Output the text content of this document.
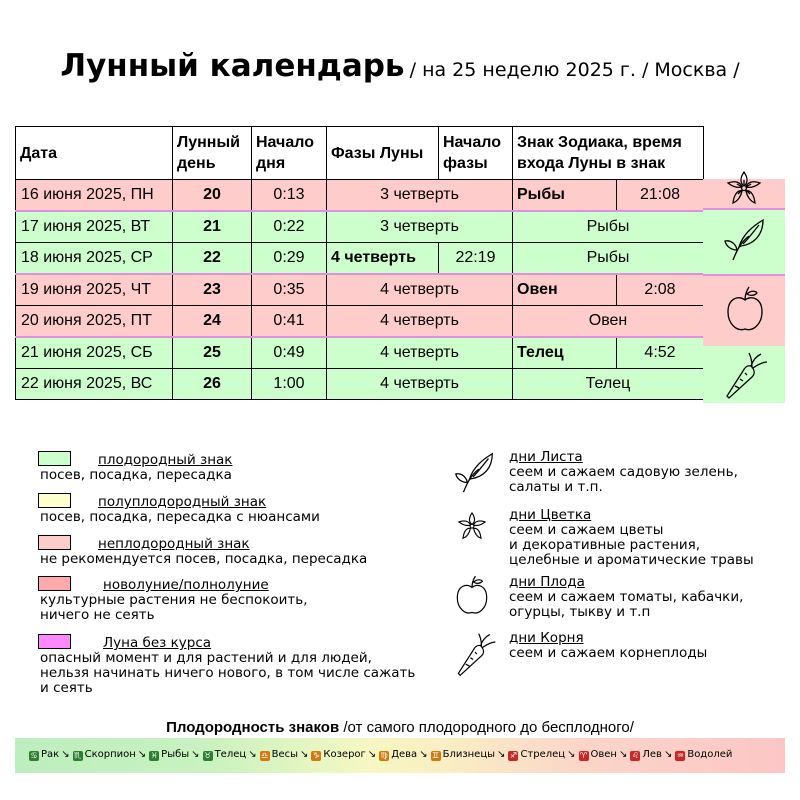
Лунный календарь / на 25 неделю 2025 г. / Москва /
Дата	Лунный день	Начало дня	Фазы Луны	Начало фазы	Знак Зодиака, время входа Луны в знак	
16 июня 2025, ПН	20	0:13	3 четверть		Рыбы	21:08
17 июня 2025, ВТ	21	0:22	3 четверть		Рыбы	
18 июня 2025, СР	22	0:29	4 четверть	22:19	Рыбы	
19 июня 2025, ЧТ	23	0:35	4 четверть		Овен	2:08
20 июня 2025, ПТ	24	0:41	4 четверть		Овен	
21 июня 2025, СБ	25	0:49	4 четверть		Телец	4:52
22 июня 2025, ВС	26	1:00	4 четверть		Телец	
плодородный знак
посев, посадка, пересадка
полуплодородный знак
посев, посадка, пересадка с нюансами
неплодородный знак
не рекомендуется посев, посадка, пересадка
новолуние/полнолуние
культурные растения не беспокоить,
ничего не сеять
Луна без курса
опасный момент и для растений и для людей,
нельзя начинать ничего нового, в том числе сажать
и сеять
дни Листа
сеем и сажаем садовую зелень,
салаты и т.п.
дни Цветка
сеем и сажаем цветы
и декоративные растения,
целебные и ароматические травы
дни Плода
сеем и сажаем томаты, кабачки,
огурцы, тыкву и т.п
дни Корня
сеем и сажаем корнеплоды
Плодородность знаков /от самого плодородного до бесплодного/
♋ Рак ↘ ♏ Скорпион ↘ ♓ Рыбы ↘ ♉ Телец ↘ ♎ Весы ↘ ♑ Козерог ↘ ♍ Дева ↘ ♊ Близнецы ↘ ♐ Стрелец ↘ ♈ Овен ↘ ♌ Лев ↘ ♒ Водолей
